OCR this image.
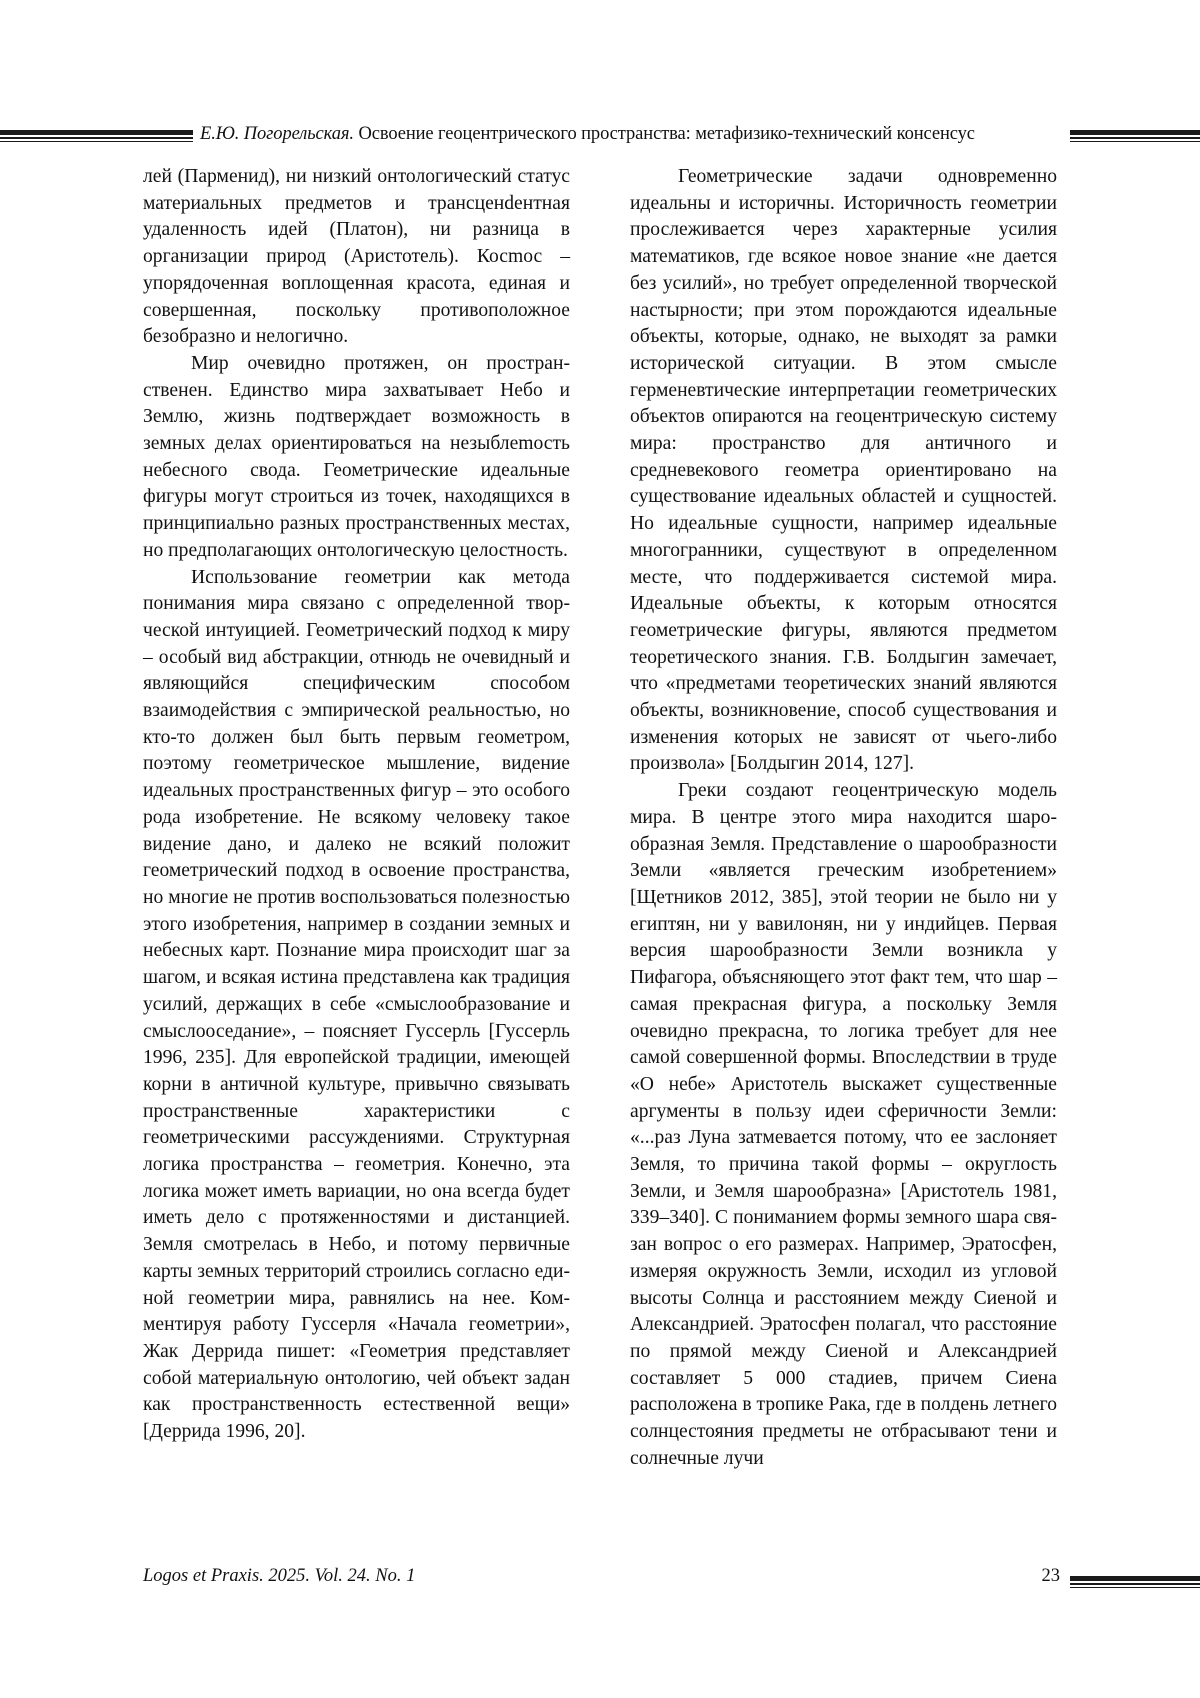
Е.Ю. Погорельская. Освоение геоцентрического пространства: метафизико-технический консенсус

лей (Парменид), ни низкий онтологический статус материальных предметов и трансценdентная удаленность идей (Платон), ни разница в организации природ (Аристотель). Косmос – упорядоченная воплощенная красота, единая и совершенная, поскольку противоположное безобразно и нелогично.

Мир очевидно протяжен, он пространственен. Единство мира захватывает Небо и Землю, жизнь подтверждает возможность в земных делах ориентироваться на незыблеmость небесного свода. Геометрические идеальные фигуры могут строиться из точек, находящихся в принципиально разных пространственных местах, но предполагающих онтологическую целостность.

Использование геометрии как метода понимания мира связано с определенной творческой интуицией. Геометрический подход к миру – особый вид абстракции, отнюдь не очевидный и являющийся специфическим способом взаимодействия с эмпирической реальностью, но кто-то должен был быть первым геометром, поэтому геометрическое мышление, видение идеальных пространственных фигур – это особого рода изобретение. Не всякому человеку такое видение дано, и далеко не всякий положит геометрический подход в освоение пространства, но многие не против воспользоваться полезностью этого изобретения, например в создании земных и небесных карт. Познание мира происходит шаг за шагом, и всякая истина представлена как традиция усилий, держащих в себе «смыслообразование и смыслооседание», – поясняет Гуссерль [Гуссерль 1996, 235]. Для европейской традиции, имеющей корни в античной культуре, привычно связывать пространственные характеристики с геометрическими рассуждениями. Структурная логика пространства – геометрия. Конечно, эта логика может иметь вариации, но она всегда будет иметь дело с протяженностями и дистанцией. Земля смотрелась в Небо, и потому первичные карты земных территорий строились согласно единой геометрии мира, равнялись на нее. Комментируя работу Гуссерля «Начала геометрии», Жак Деррида пишет: «Геометрия представляет собой материальную онтологию, чей объект задан как пространственность естественной вещи» [Деррида 1996, 20].

Геометрические задачи одновременно идеальны и историчны. Историчность геометрии прослеживается через характерные усилия математиков, где всякое новое знание «не дается без усилий», но требует определенной творческой настырности; при этом порождаются идеальные объекты, которые, однако, не выходят за рамки исторической ситуации. В этом смысле герменевтические интерпретации геометрических объектов опираются на геоцентрическую систему мира: пространство для античного и средневекового геометра ориентировано на существование идеальных областей и сущностей. Но идеальные сущности, например идеальные многогранники, существуют в определенном месте, что поддерживается системой мира. Идеальные объекты, к которым относятся геометрические фигуры, являются предметом теоретического знания. Г.В. Болдыгин замечает, что «предметами теоретических знаний являются объекты, возникновение, способ существования и изменения которых не зависят от чьего-либо произвола» [Болдыгин 2014, 127].

Греки создают геоцентрическую модель мира. В центре этого мира находится шарообразная Земля. Представление о шарообразности Земли «является греческим изобретением» [Щетников 2012, 385], этой теории не было ни у египтян, ни у вавилонян, ни у индийцев. Первая версия шарообразности Земли возникла у Пифагора, объясняющего этот факт тем, что шар – самая прекрасная фигура, а поскольку Земля очевидно прекрасна, то логика требует для нее самой совершенной формы. Впоследствии в труде «О небе» Аристотель выскажет существенные аргументы в пользу идеи сферичности Земли: «...раз Луна затмевается потому, что ее заслоняет Земля, то причина такой формы – округлость Земли, и Земля шарообразна» [Аристотель 1981, 339–340]. С пониманием формы земного шара связан вопрос о его размерах. Например, Эратосфен, измеряя окружность Земли, исходил из угловой высоты Солнца и расстоянием между Сиеной и Александрией. Эратосфен полагал, что расстояние по прямой между Сиеной и Александрией составляет 5 000 стадиев, причем Сиена расположена в тропике Рака, где в полдень летнего солнцестояния предметы не отбрасывают тени и солнечные лучи

Logos et Praxis. 2025. Vol. 24. No. 1	23
